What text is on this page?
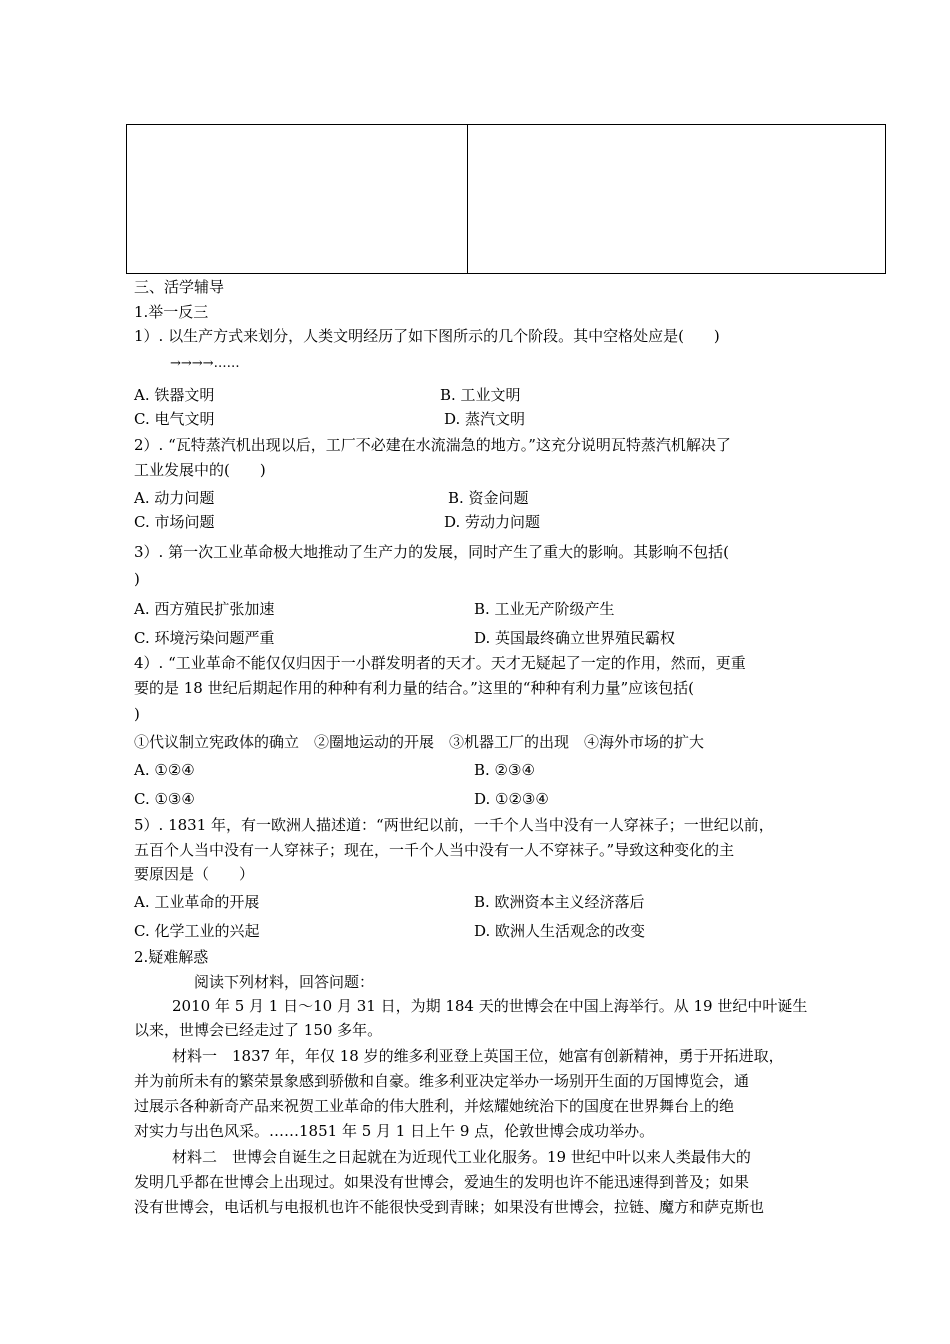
三、活学辅导
1.举一反三
1）. 以生产方式来划分，人类文明经历了如下图所示的几个阶段。其中空格处应是(　　)
→→→→……
A. 铁器文明	B. 工业文明
C. 电气文明	D. 蒸汽文明
2）. “瓦特蒸汽机出现以后，工厂不必建在水流湍急的地方。”这充分说明瓦特蒸汽机解决了
工业发展中的(　　)
A. 动力问题	B. 资金问题
C. 市场问题	D. 劳动力问题
3）. 第一次工业革命极大地推动了生产力的发展，同时产生了重大的影响。其影响不包括(
)
A. 西方殖民扩张加速	B. 工业无产阶级产生
C. 环境污染问题严重	D. 英国最终确立世界殖民霸权
4）. “工业革命不能仅仅归因于一小群发明者的天才。天才无疑起了一定的作用，然而，更重
要的是 18 世纪后期起作用的种种有利力量的结合。”这里的“种种有利力量”应该包括(
)
①代议制立宪政体的确立　②圈地运动的开展　③机器工厂的出现　④海外市场的扩大
A. ①②④	B. ②③④
C. ①③④	D. ①②③④
5）. 1831 年，有一欧洲人描述道：“两世纪以前，一千个人当中没有一人穿袜子；一世纪以前，
五百个人当中没有一人穿袜子；现在，一千个人当中没有一人不穿袜子。”导致这种变化的主
要原因是（　　）
A. 工业革命的开展	B. 欧洲资本主义经济落后
C. 化学工业的兴起	D. 欧洲人生活观念的改变
2.疑难解惑
阅读下列材料，回答问题：
2010 年 5 月 1 日～10 月 31 日，为期 184 天的世博会在中国上海举行。从 19 世纪中叶诞生
以来，世博会已经走过了 150 多年。
材料一　1837 年，年仅 18 岁的维多利亚登上英国王位，她富有创新精神，勇于开拓进取，
并为前所未有的繁荣景象感到骄傲和自豪。维多利亚决定举办一场别开生面的万国博览会，通
过展示各种新奇产品来祝贺工业革命的伟大胜利，并炫耀她统治下的国度在世界舞台上的绝
对实力与出色风采。……1851 年 5 月 1 日上午 9 点，伦敦世博会成功举办。
材料二　世博会自诞生之日起就在为近现代工业化服务。19 世纪中叶以来人类最伟大的
发明几乎都在世博会上出现过。如果没有世博会，爱迪生的发明也许不能迅速得到普及；如果
没有世博会，电话机与电报机也许不能很快受到青睐；如果没有世博会，拉链、魔方和萨克斯也
